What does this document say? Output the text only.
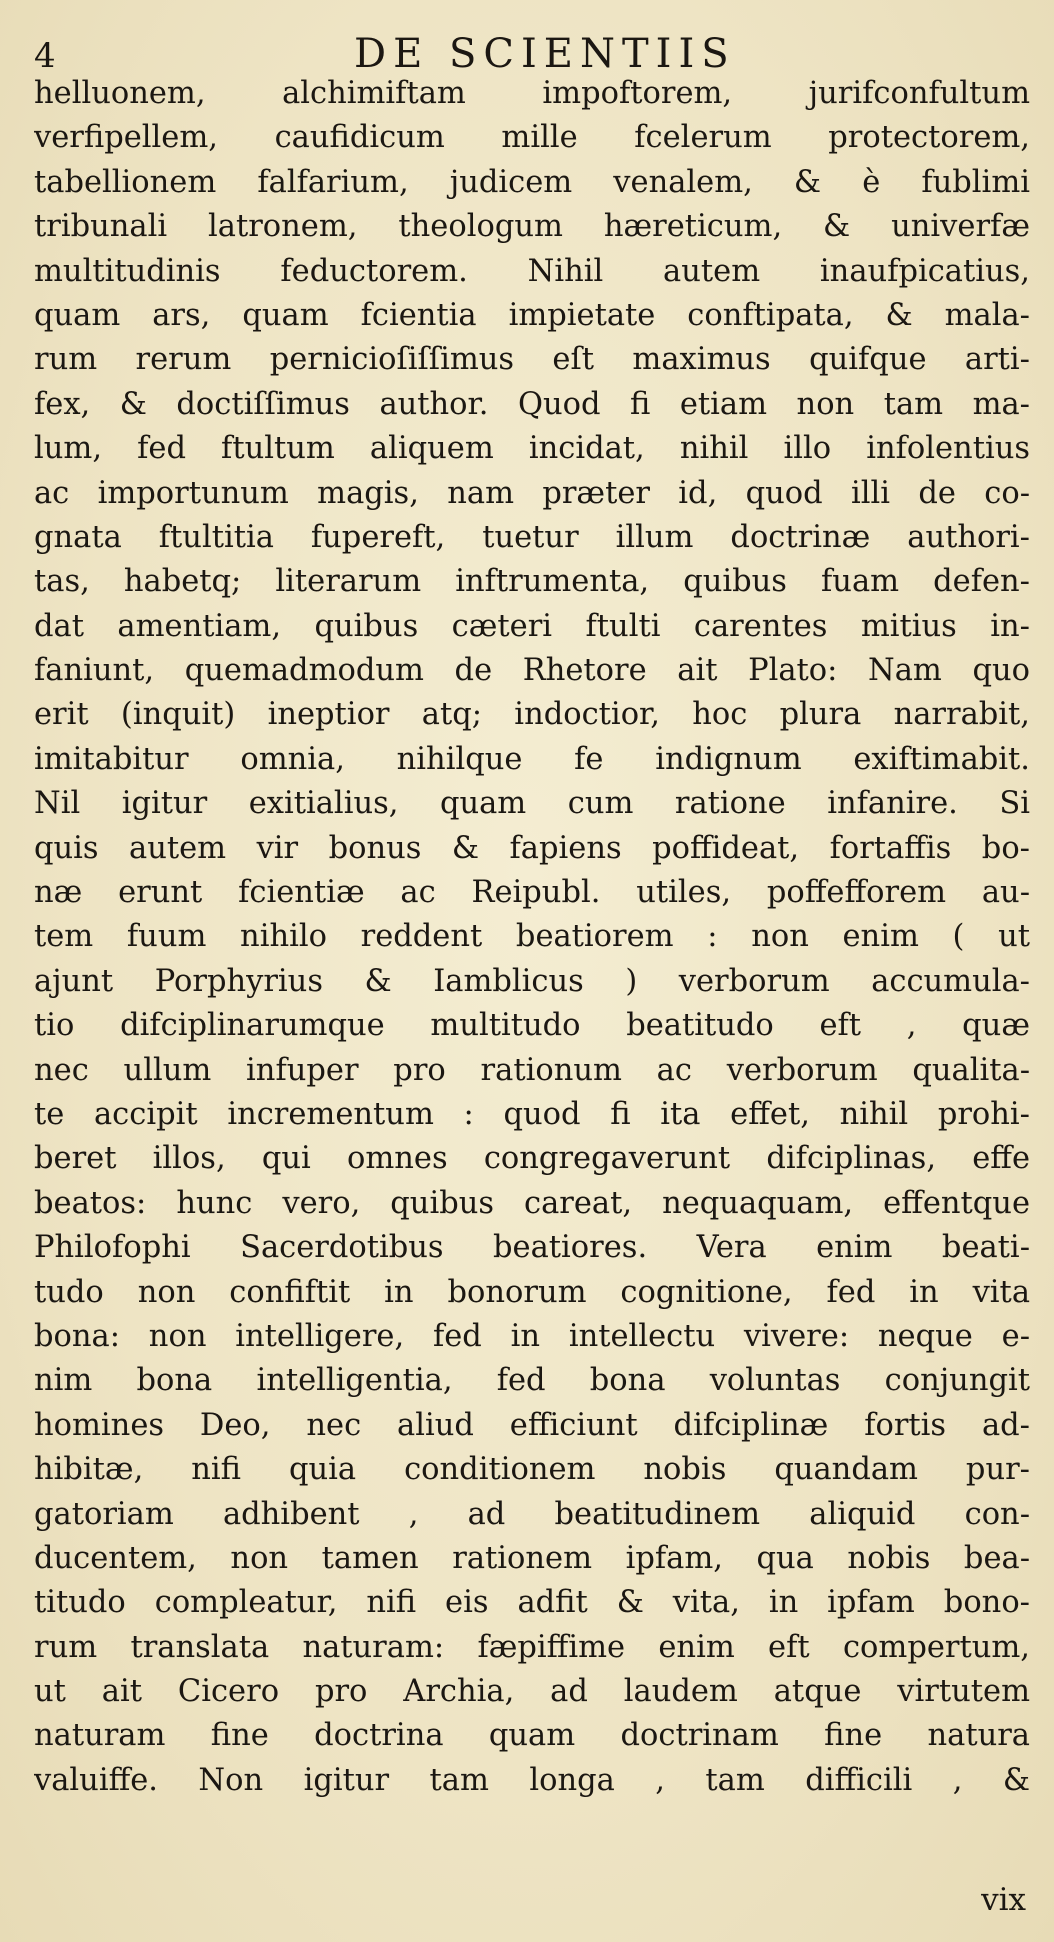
4	DE SCIENTIIS
helluonem, alchimiftam impoftorem, jurifconfultum
verfipellem, caufidicum mille fcelerum protectorem,
tabellionem falfarium, judicem venalem, & è fublimi
tribunali latronem, theologum hæreticum, & univerfæ
multitudinis feductorem. Nihil autem inaufpicatius,
quam ars, quam fcientia impietate conftipata, & mala-
rum rerum pernicioſiſſimus eſt maximus quifque arti-
fex, & doctiſſimus author. Quod fi etiam non tam ma-
lum, fed ftultum aliquem incidat, nihil illo infolentius
ac importunum magis, nam præter id, quod illi de co-
gnata ftultitia fupereft, tuetur illum doctrinæ authori-
tas, habetq; literarum inftrumenta, quibus fuam defen-
dat amentiam, quibus cæteri ftulti carentes mitius in-
faniunt, quemadmodum de Rhetore ait Plato: Nam quo
erit (inquit) ineptior atq; indoctior, hoc plura narrabit,
imitabitur omnia, nihilque fe indignum exiftimabit.
Nil igitur exitialius, quam cum ratione infanire. Si
quis autem vir bonus & fapiens poffideat, fortaffis bo-
næ erunt fcientiæ ac Reipubl. utiles, poffefforem au-
tem fuum nihilo reddent beatiorem : non enim ( ut
ajunt Porphyrius & Iamblicus ) verborum accumula-
tio difciplinarumque multitudo beatitudo eft , quæ
nec ullum infuper pro rationum ac verborum qualita-
te accipit incrementum : quod fi ita effet, nihil prohi-
beret illos, qui omnes congregaverunt difciplinas, effe
beatos: hunc vero, quibus careat, nequaquam, effentque
Philofophi Sacerdotibus beatiores. Vera enim beati-
tudo non confiftit in bonorum cognitione, fed in vita
bona: non intelligere, fed in intellectu vivere: neque e-
nim bona intelligentia, fed bona voluntas conjungit
homines Deo, nec aliud efficiunt difciplinæ fortis ad-
hibitæ, nifi quia conditionem nobis quandam pur-
gatoriam adhibent , ad beatitudinem aliquid con-
ducentem, non tamen rationem ipfam, qua nobis bea-
titudo compleatur, nifi eis adfit & vita, in ipfam bono-
rum translata naturam: fæpiffime enim eft compertum,
ut ait Cicero pro Archia, ad laudem atque virtutem
naturam fine doctrina quam doctrinam fine natura
valuiffe. Non igitur tam longa , tam difficili , &
vix
